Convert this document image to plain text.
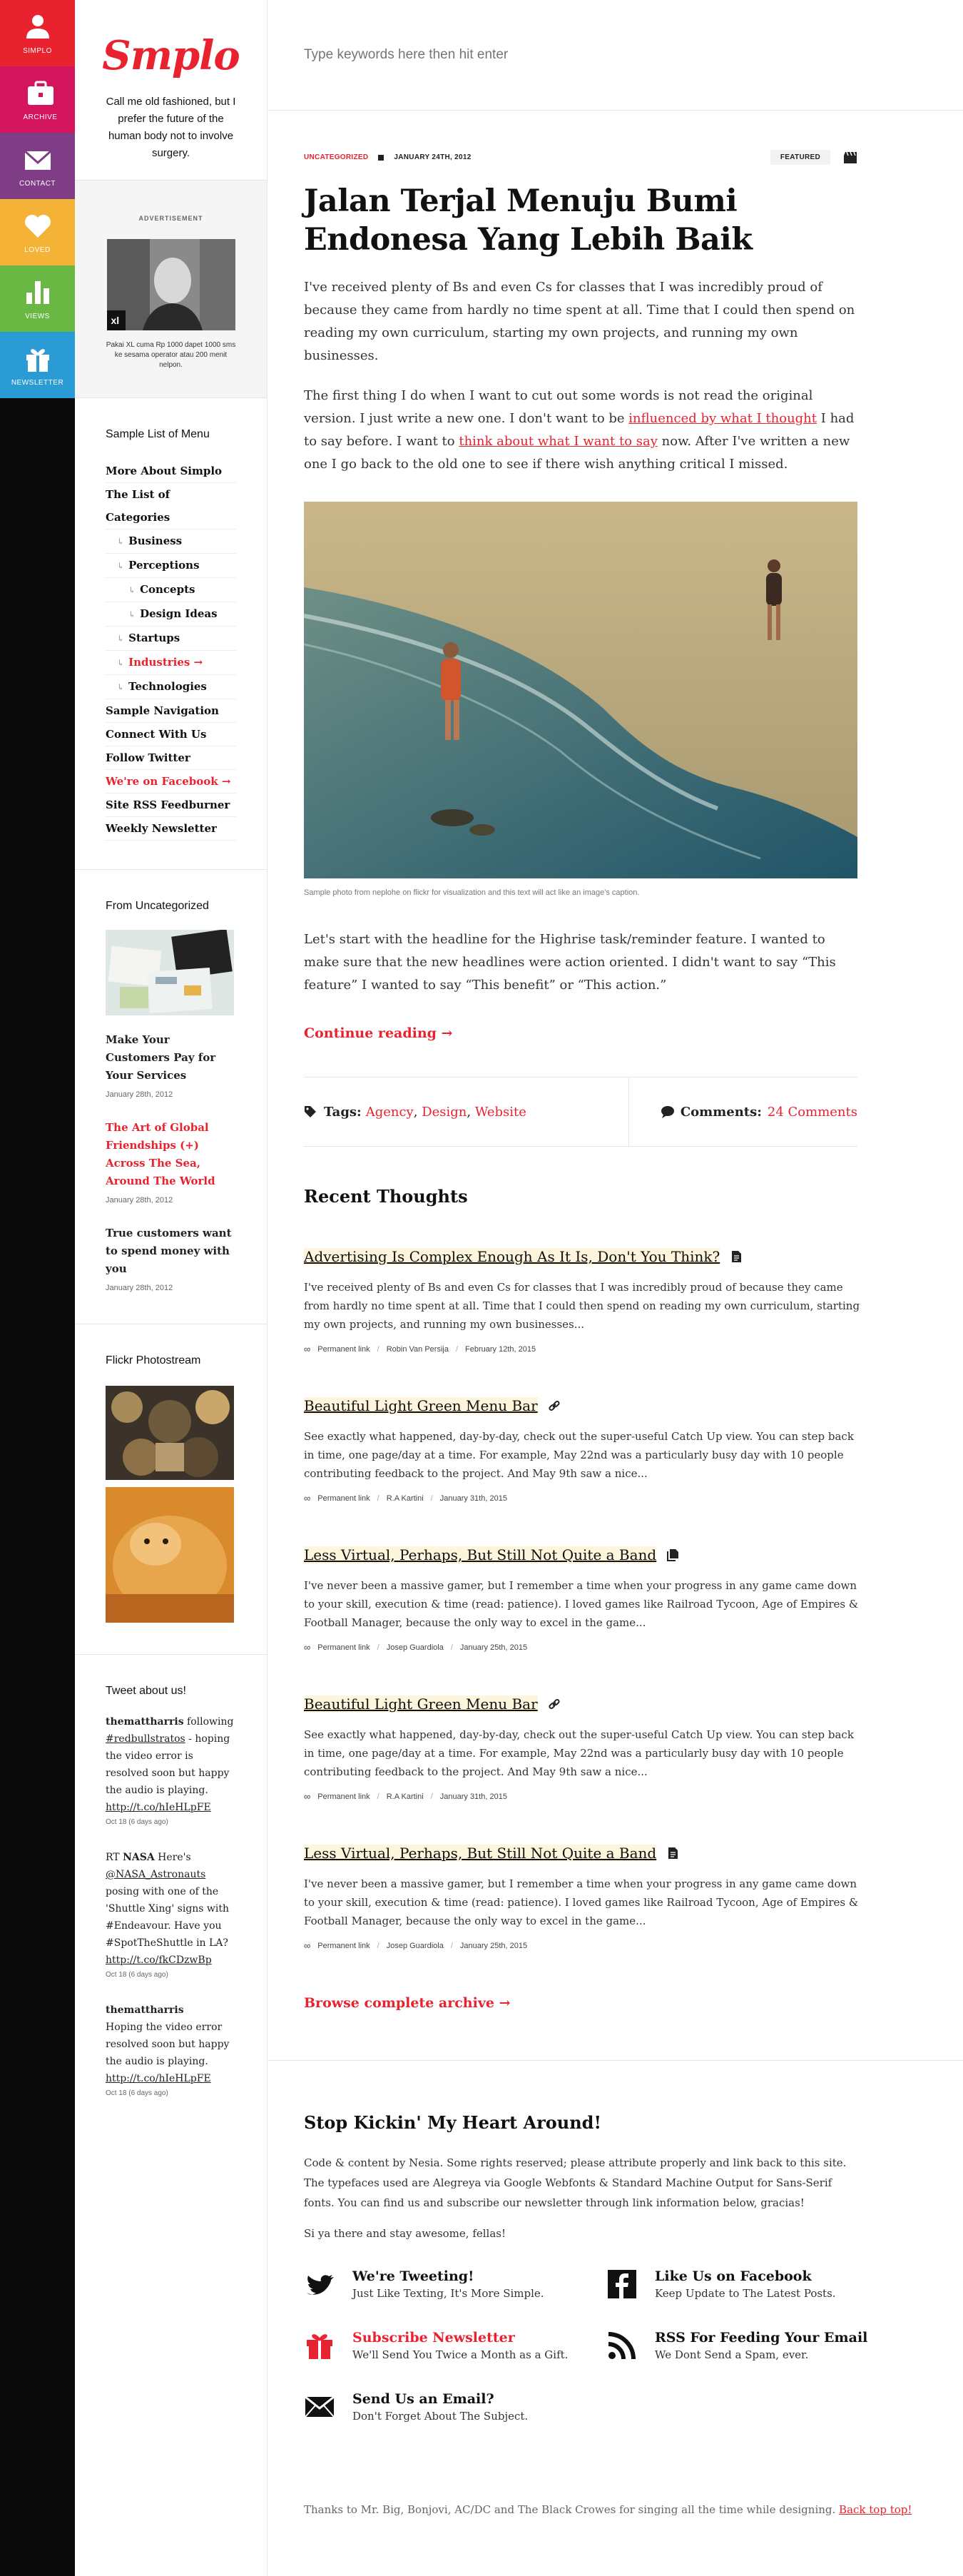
SIMPLO
ARCHIVE
CONTACT
LOVED
VIEWS
NEWSLETTER
Smplo
Call me old fashioned, but I prefer the future of the human body not to involve surgery.
ADVERTISEMENT
xl
Pakai XL cuma Rp 1000 dapet 1000 sms ke sesama operator atau 200 menit nelpon.
Sample List of Menu
More About Simplo
The List of Categories
↳ Business
↳ Perceptions
↳ Concepts
↳ Design Ideas
↳ Startups
↳ Industries →
↳ Technologies
Sample Navigation
Connect With Us
Follow Twitter
We're on Facebook →
Site RSS Feedburner
Weekly Newsletter
From Uncategorized
Make Your Customers Pay for Your Services
January 28th, 2012
The Art of Global Friendships (+) Across The Sea, Around The World
January 28th, 2012
True customers want to spend money with you
January 28th, 2012
Flickr Photostream
Tweet about us!
themattharris following #redbullstratos - hoping the video error is resolved soon but happy the audio is playing. http://t.co/hIeHLpFE
Oct 18 (6 days ago)
RT NASA Here's @NASA_Astronauts posing with one of the 'Shuttle Xing' signs with #Endeavour. Have you #SpotTheShuttle in LA? http://t.co/fkCDzwBp
Oct 18 (6 days ago)
themattharris
Hoping the video error resolved soon but happy the audio is playing. http://t.co/hIeHLpFE
Oct 18 (6 days ago)
Type keywords here then hit enter
UNCATEGORIZED	JANUARY 24TH, 2012	FEATURED
Jalan Terjal Menuju Bumi Endonesa Yang Lebih Baik

I've received plenty of Bs and even Cs for classes that I was incredibly proud of because they came from hardly no time spent at all. Time that I could then spend on reading my own curriculum, starting my own projects, and running my own businesses.

The first thing I do when I want to cut out some words is not read the original version. I just write a new one. I don't want to be influenced by what I thought I had to say before. I want to think about what I want to say now. After I've written a new one I go back to the old one to see if there wish anything critical I missed.

Sample photo from neplohe on flickr for visualization and this text will act like an image's caption.

Let's start with the headline for the Highrise task/reminder feature. I wanted to make sure that the new headlines were action oriented. I didn't want to say “This feature” I wanted to say “This benefit” or “This action.”

Continue reading →
Tags: Agency , Design , Website	Comments: 24 Comments
Recent Thoughts
Advertising Is Complex Enough As It Is, Don't You Think?
I've received plenty of Bs and even Cs for classes that I was incredibly proud of because they came from hardly no time spent at all. Time that I could then spend on reading my own curriculum, starting my own projects, and running my own businesses...
∞ Permanent link / Robin Van Persija / February 12th, 2015
Beautiful Light Green Menu Bar
See exactly what happened, day-by-day, check out the super-useful Catch Up view. You can step back in time, one page/day at a time. For example, May 22nd was a particularly busy day with 10 people contributing feedback to the project. And May 9th saw a nice...
∞ Permanent link / R.A Kartini / January 31th, 2015
Less Virtual, Perhaps, But Still Not Quite a Band
I've never been a massive gamer, but I remember a time when your progress in any game came down to your skill, execution & time (read: patience). I loved games like Railroad Tycoon, Age of Empires & Football Manager, because the only way to excel in the game...
∞ Permanent link / Josep Guardiola / January 25th, 2015
Beautiful Light Green Menu Bar
See exactly what happened, day-by-day, check out the super-useful Catch Up view. You can step back in time, one page/day at a time. For example, May 22nd was a particularly busy day with 10 people contributing feedback to the project. And May 9th saw a nice...
∞ Permanent link / R.A Kartini / January 31th, 2015
Less Virtual, Perhaps, But Still Not Quite a Band
I've never been a massive gamer, but I remember a time when your progress in any game came down to your skill, execution & time (read: patience). I loved games like Railroad Tycoon, Age of Empires & Football Manager, because the only way to excel in the game...
∞ Permanent link / Josep Guardiola / January 25th, 2015
Browse complete archive →
Stop Kickin' My Heart Around!

Code & content by Nesia. Some rights reserved; please attribute properly and link back to this site. The typefaces used are Alegreya via Google Webfonts & Standard Machine Output for Sans-Serif fonts. You can find us and subscribe our newsletter through link information below, gracias!

Si ya there and stay awesome, fellas!

We're Tweeting!
Just Like Texting, It's More Simple.
Like Us on Facebook
Keep Update to The Latest Posts.
Subscribe Newsletter
We'll Send You Twice a Month as a Gift.
RSS For Feeding Your Email
We Dont Send a Spam, ever.
Send Us an Email?
Don't Forget About The Subject.
Thanks to Mr. Big, Bonjovi, AC/DC and The Black Crowes for singing all the time while designing. Back top top!
